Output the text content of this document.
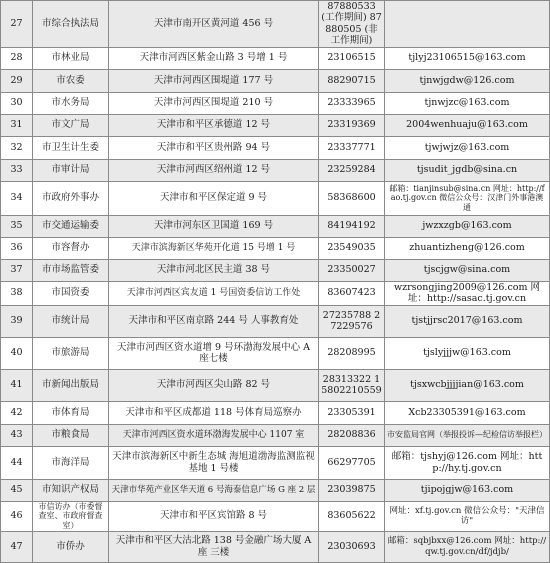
27	市综合执法局	天津市南开区黄河道 456 号	87880533(工作期间) 87880505 (非工作期间)	
28	市林业局	天津市河西区紫金山路 3 号增 1 号	23106515	tjlyj23106515@163.com
29	市农委	天津市河西区围堤道 177 号	88290715	tjnwjgdw@126.com
30	市水务局	天津市河西区围堤道 210 号	23333965	tjnwjzc@163.com
31	市文广局	天津市和平区承德道 12 号	23319369	2004wenhuaju@163.com
32	市卫生计生委	天津市和平区贵州路 94 号	23337771	tjwjwjz@163.com
33	市审计局	天津市河西区绍州道 12 号	23259284	tjsudit_jgdb@sina.cn
34	市政府外事办	天津市和平区保定道 9 号	58368600	邮箱：tianjinsub@sina.cn 网址：http://fao.tj.gov.cn 微信公众号：汉津门外事港澳通
35	市交通运输委	天津市河东区卫国道 169 号	84194192	jwzxzgb@163.com
36	市容督办	天津市滨海新区华苑开化道 15 号增 1 号	23549035	zhuantizheng@126.com
37	市市场监管委	天津市河北区民主道 38 号	23350027	tjscjgw@sina.com
38	市国资委	天津市河西区宾友道 1 号国资委信访工作处	83607423	wzrsongjing2009@126.com 网址：http://sasac.tj.gov.cn
39	市统计局	天津市和平区南京路 244 号 人事教育处	27235788 27229576	tjstjjrsc2017@163.com
40	市旅游局	天津市河西区资水道增 9 号环渤海发展中心 A 座七楼	28208995	tjslyjjjw@163.com
41	市新闻出版局	天津市河西区尖山路 82 号	28313322 15802210559	tjsxwcbjjjjian@163.com
42	市体育局	天津市和平区成都道 118 号体育局巡察办	23305391	Xcb23305391@163.com
43	市粮食局	天津市河西区资水道环渤海发展中心 1107 室	28208836	市安监局官网（举报投诉—纪检信访举报栏）
44	市海洋局	天津市滨海新区中新生态城 海旭道渤海监测监视基地 1 号楼	66297705	邮箱：tjshyj@126.com 网址：http://hy.tj.gov.cn
45	市知识产权局	天津市华苑产业区华天道 6 号海泰信息广场 G 座 2 层	23039875	tjipojgjw@163.com
46	市信访办（市委督查室、市政府督查室）	天津市和平区宾馆路 8 号	83605622	网址：xf.tj.gov.cn 微信公众号："天津信访"
47	市侨办	天津市和平区大沽北路 138 号金融广场大厦 A 座 三楼	23030693	邮箱：sqbjbxx@126.com 网址：http://qw.tj.gov.cn/df/jdjb/
